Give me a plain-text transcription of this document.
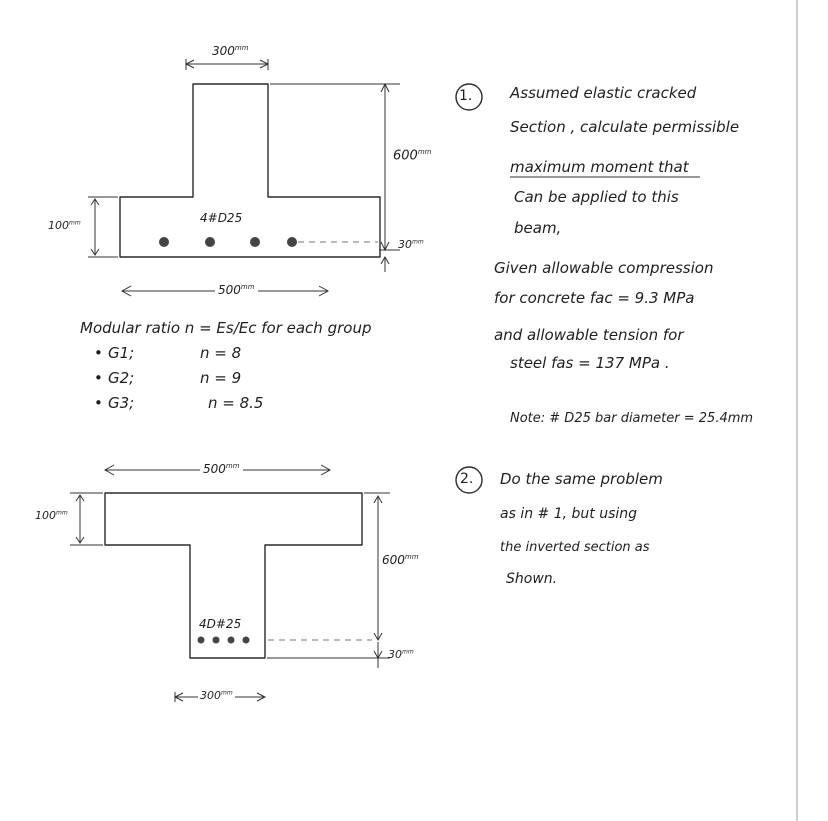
$300^{mm}$
$600^{mm}$
4#D25
$30^{mm}$
$100^{mm}$
$500^{mm}$
Modular ratio n = Es/Ec for each group
• G1;	n = 8
• G2;	n = 9
• G3;	n = 8.5
1.	Assumed elastic cracked
Section , calculate permissible
maximum moment that
Can be applied to this
beam,
Given allowable compression
for concrete fac = 9.3 MPa
and allowable tension for
steel fas = 137 MPa .
Note: # D25 bar diameter = 25.4mm
$500^{mm}$
$100^{mm}$
$600^{mm}$
4D#25
$30^{mm}$
$300^{mm}$
2. Do the same problem
as in # 1, but using
the inverted section as
Shown.
